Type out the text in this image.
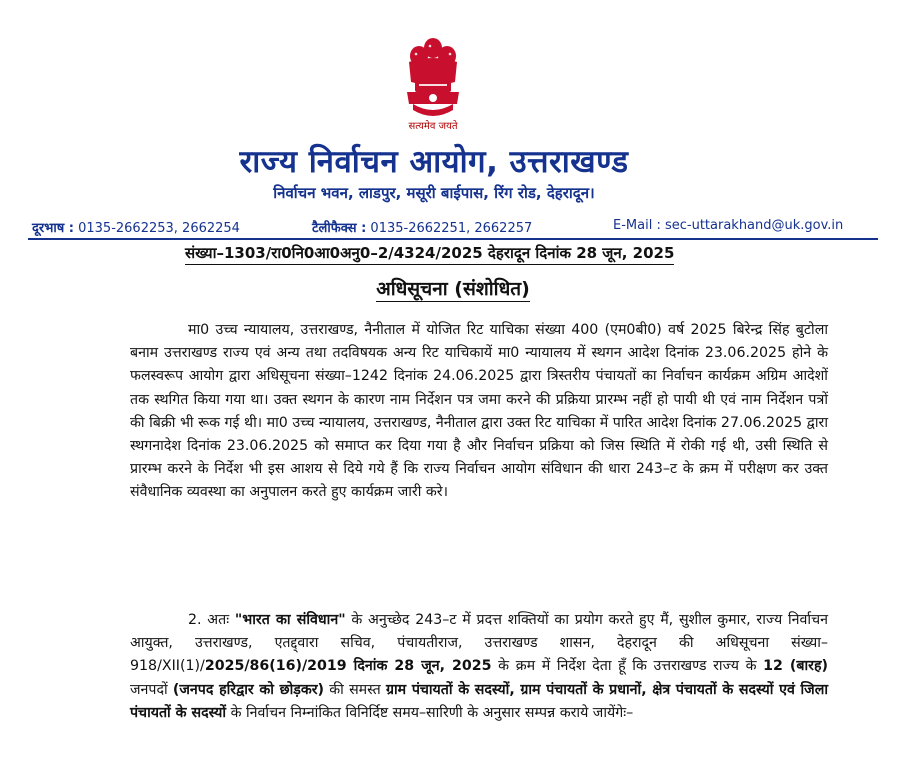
सत्यमेव जयते
राज्य निर्वाचन आयोग, उत्तराखण्ड
निर्वाचन भवन, लाडपुर, मसूरी बाईपास, रिंग रोड, देहरादून।
दूरभाष : 0135-2662253, 2662254	टैलीफैक्स : 0135-2662251, 2662257	E-Mail : sec-uttarakhand@uk.gov.in
संख्या–1303/रा0नि0आ0अनु0–2/4324/2025 देहरादून दिनांक 28 जून, 2025
अधिसूचना (संशोधित)
मा0 उच्च न्यायालय, उत्तराखण्ड, नैनीताल में योजित रिट याचिका संख्या 400 (एम0बी0) वर्ष 2025 बिरेन्द्र सिंह बुटोला बनाम उत्तराखण्ड राज्य एवं अन्य तथा तदविषयक अन्य रिट याचिकायें मा0 न्यायालय में स्थगन आदेश दिनांक 23.06.2025 होने के फलस्वरूप आयोग द्वारा अधिसूचना संख्या–1242 दिनांक 24.06.2025 द्वारा त्रिस्तरीय पंचायतों का निर्वाचन कार्यक्रम अग्रिम आदेशों तक स्थगित किया गया था। उक्त स्थगन के कारण नाम निर्देशन पत्र जमा करने की प्रक्रिया प्रारम्भ नहीं हो पायी थी एवं नाम निर्देशन पत्रों की बिक्री भी रूक गई थी। मा0 उच्च न्यायालय, उत्तराखण्ड, नैनीताल द्वारा उक्त रिट याचिका में पारित आदेश दिनांक 27.06.2025 द्वारा स्थगनादेश दिनांक 23.06.2025 को समाप्त कर दिया गया है और निर्वाचन प्रक्रिया को जिस स्थिति में रोकी गई थी, उसी स्थिति से प्रारम्भ करने के निर्देश भी इस आशय से दिये गये हैं कि राज्य निर्वाचन आयोग संविधान की धारा 243–ट के क्रम में परीक्षण कर उक्त संवैधानिक व्यवस्था का अनुपालन करते हुए कार्यक्रम जारी करे।
2. अतः "भारत का संविधान" के अनुच्छेद 243–ट में प्रदत्त शक्तियों का प्रयोग करते हुए मैं, सुशील कुमार, राज्य निर्वाचन आयुक्त, उत्तराखण्ड, एतद्द्वारा सचिव, पंचायतीराज, उत्तराखण्ड शासन, देहरादून की अधिसूचना संख्या–918/XII(1)/2025/86(16)/2019 दिनांक 28 जून, 2025 के क्रम में निर्देश देता हूँ कि उत्तराखण्ड राज्य के 12 (बारह) जनपदों (जनपद हरिद्वार को छोड़कर) की समस्त ग्राम पंचायतों के सदस्यों, ग्राम पंचायतों के प्रधानों, क्षेत्र पंचायतों के सदस्यों एवं जिला पंचायतों के सदस्यों के निर्वाचन निम्नांकित विनिर्दिष्ट समय–सारिणी के अनुसार सम्पन्न कराये जायेंगेः–
